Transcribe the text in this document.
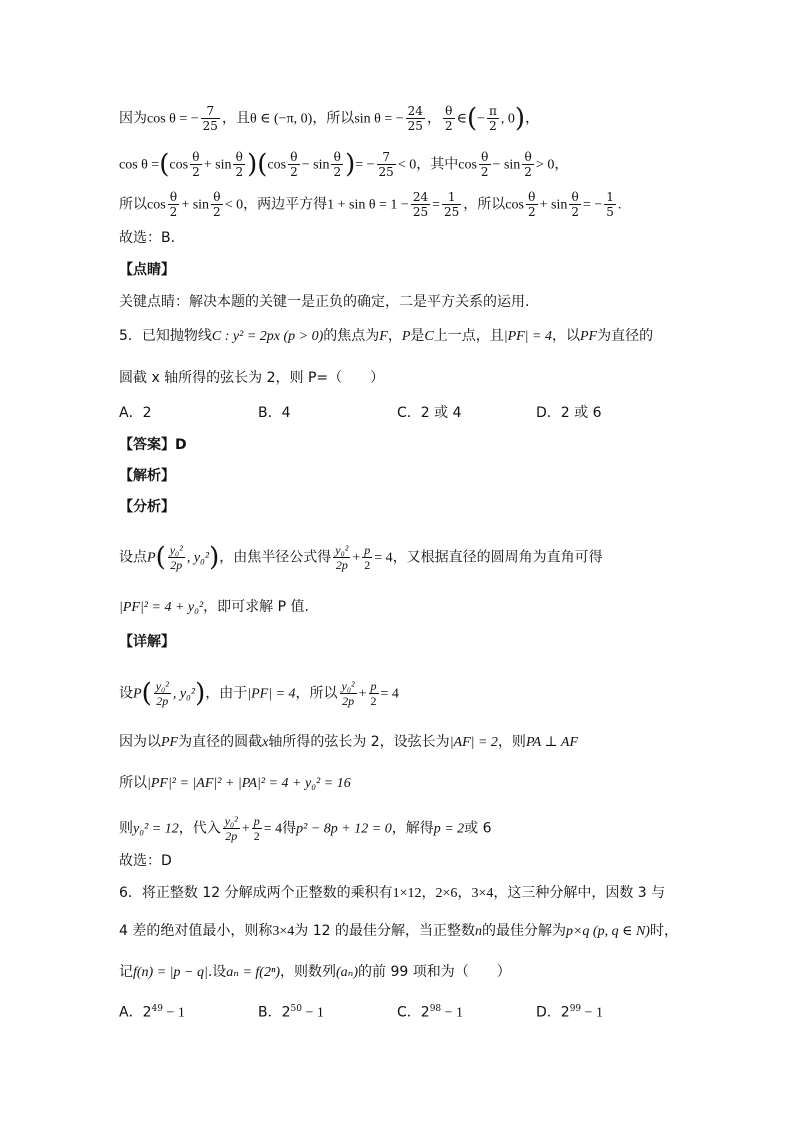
因为cos θ = − $\frac{7}{25}$ ，且θ ∈ (−π, 0)，所以sin θ = − $\frac{24}{25}$ ， $\frac{\theta}{2}$ ∈(− $\frac{\pi}{2}$ , 0)，
$\cos \theta =(\cos \frac{\theta}{2} + \sin \frac{\theta}{2} )(\cos \frac{\theta}{2} - \sin \frac{\theta}{2}$ )= − $\frac{7}{25} < 0$，其中$\cos \frac{\theta}{2} - \sin \frac{\theta}{2} > 0$，
所以$\cos \frac{\theta}{2} + \sin \frac{\theta}{2} < 0$，两边平方得$1 + \sin \theta = 1 - \frac{24}{25} = \frac{1}{25}$ ，所以$\cos \frac{\theta}{2} + \sin \frac{\theta}{2}$ = − $\frac{1}{5}$ .
故选：B.
【点睛】
关键点睛：解决本题的关键一是正负的确定，二是平方关系的运用.
5．已知抛物线C : y² = 2px (p > 0)的焦点为F，P是C上一点，且|PF| = 4，以PF为直径的
圆截 x 轴所得的弦长为 2，则 P=（　　）
A．2	B．4	C．2 或 4	D．2 或 6
【答案】D
【解析】
【分析】
设点$P( \frac{\text{y₀²}}{2p}$ , y₀²)，由焦半径公式得 $\frac{\text{y₀²}}{2p} + \frac{p}{2} = 4$，又根据直径的圆周角为直角可得
|PF|² = 4 + y₀²，即可求解 P 值.
【详解】
设$P( \frac{\text{y₀²}}{2p}$ , y₀²)，由于|PF| = 4，所以 $\frac{\text{y₀²}}{2p} + \frac{p}{2} = 4$
因为以PF为直径的圆截x轴所得的弦长为 2，设弦长为|AF| = 2，则PA ⊥ AF
所以|PF|² = |AF|² + |PA|² = 4 + y₀² = 16
则y₀² = 12，代入 $\frac{\text{y₀²}}{2p} + \frac{p}{2} = 4$得p² − 8p + 12 = 0，解得p = 2或 6
故选：D
6．将正整数 12 分解成两个正整数的乘积有1×12，2×6，3×4，这三种分解中，因数 3 与
4 差的绝对值最小，则称3×4为 12 的最佳分解，当正整数n的最佳分解为p×q (p, q ∈ N)时，
记f(n) = |p − q|.设aₙ = f(2ⁿ)，则数列(aₙ)的前 99 项和为（　　）
A．$2^{49} - 1$	B．$2^{50} - 1$	C．$2^{98} - 1$	D．$2^{99} - 1$
